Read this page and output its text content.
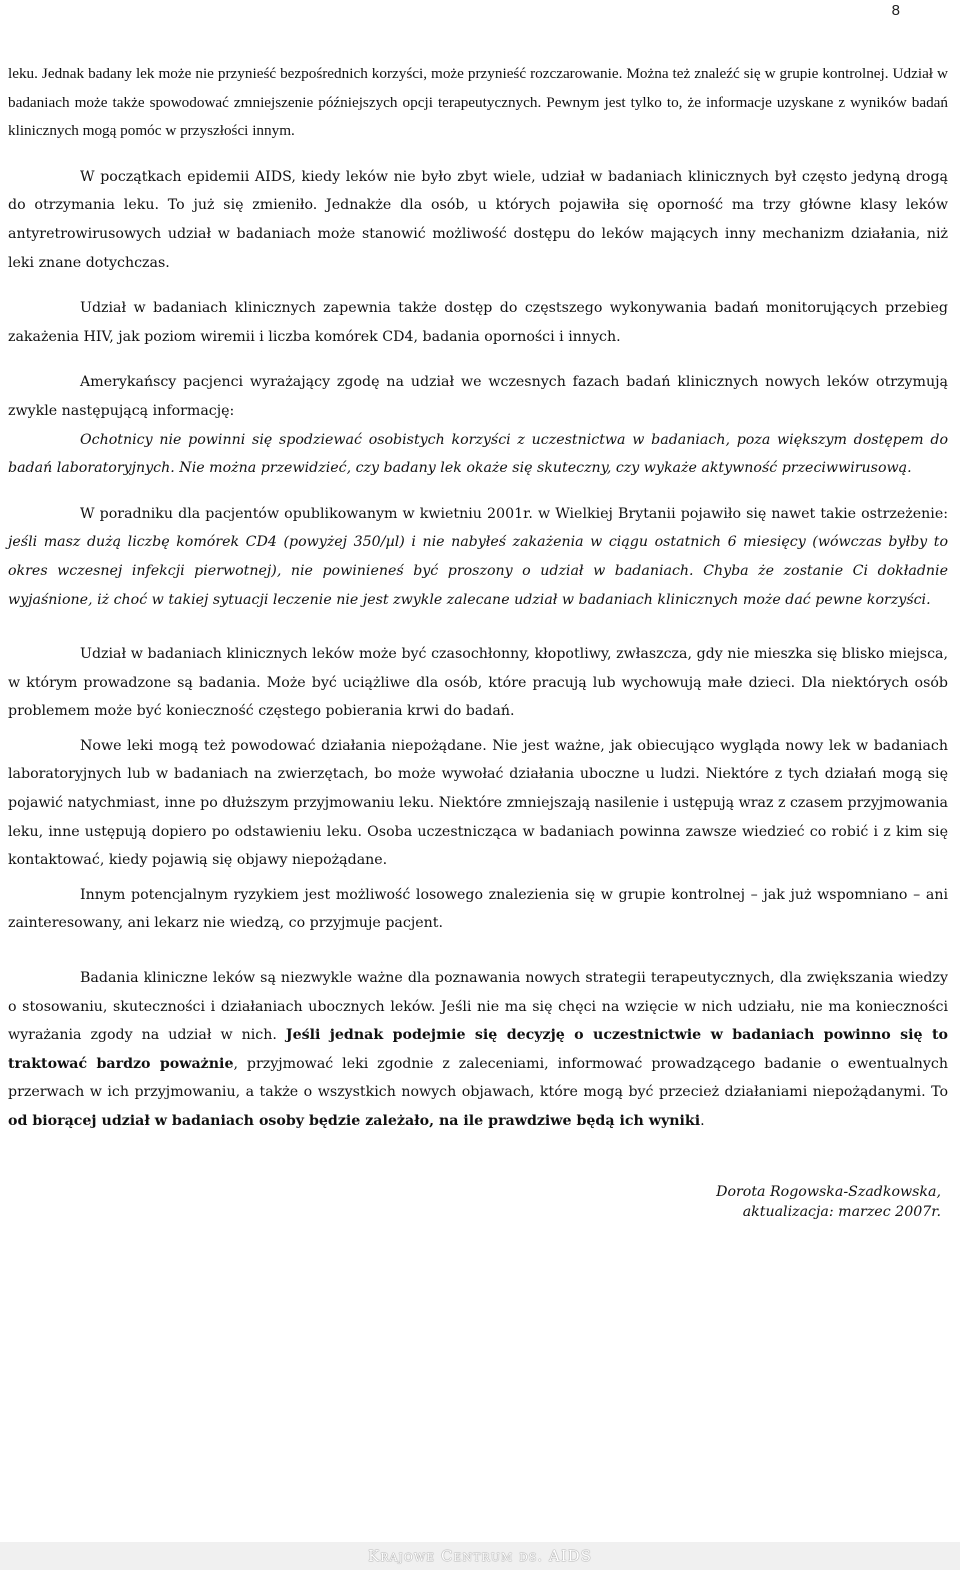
8

leku. Jednak badany lek może nie przynieść bezpośrednich korzyści, może przynieść rozczarowanie. Można też znaleźć się w grupie kontrolnej. Udział w badaniach może także spowodować zmniejszenie późniejszych opcji terapeutycznych. Pewnym jest tylko to, że informacje uzyskane z wyników badań klinicznych mogą pomóc w przyszłości innym.

W początkach epidemii AIDS, kiedy leków nie było zbyt wiele, udział w badaniach klinicznych był często jedyną drogą do otrzymania leku. To już się zmieniło. Jednakże dla osób, u których pojawiła się oporność ma trzy główne klasy leków antyretrowirusowych udział w badaniach może stanowić możliwość dostępu do leków mających inny mechanizm działania, niż leki znane dotychczas.

Udział w badaniach klinicznych zapewnia także dostęp do częstszego wykonywania badań monitorujących przebieg zakażenia HIV, jak poziom wiremii i liczba komórek CD4, badania oporności i innych.

Amerykańscy pacjenci wyrażający zgodę na udział we wczesnych fazach badań klinicznych nowych leków otrzymują zwykle następującą informację:

Ochotnicy nie powinni się spodziewać osobistych korzyści z uczestnictwa w badaniach, poza większym dostępem do badań laboratoryjnych. Nie można przewidzieć, czy badany lek okaże się skuteczny, czy wykaże aktywność przeciwwirusową.

W poradniku dla pacjentów opublikowanym w kwietniu 2001r. w Wielkiej Brytanii pojawiło się nawet takie ostrzeżenie: jeśli masz dużą liczbę komórek CD4 (powyżej 350/µl) i nie nabyłeś zakażenia w ciągu ostatnich 6 miesięcy (wówczas byłby to okres wczesnej infekcji pierwotnej), nie powinieneś być proszony o udział w badaniach. Chyba że zostanie Ci dokładnie wyjaśnione, iż choć w takiej sytuacji leczenie nie jest zwykle zalecane udział w badaniach klinicznych może dać pewne korzyści.

Udział w badaniach klinicznych leków może być czasochłonny, kłopotliwy, zwłaszcza, gdy nie mieszka się blisko miejsca, w którym prowadzone są badania. Może być uciążliwe dla osób, które pracują lub wychowują małe dzieci. Dla niektórych osób problemem może być konieczność częstego pobierania krwi do badań.

Nowe leki mogą też powodować działania niepożądane. Nie jest ważne, jak obiecująco wygląda nowy lek w badaniach laboratoryjnych lub w badaniach na zwierzętach, bo może wywołać działania uboczne u ludzi. Niektóre z tych działań mogą się pojawić natychmiast, inne po dłuższym przyjmowaniu leku. Niektóre zmniejszają nasilenie i ustępują wraz z czasem przyjmowania leku, inne ustępują dopiero po odstawieniu leku. Osoba uczestnicząca w badaniach powinna zawsze wiedzieć co robić i z kim się kontaktować, kiedy pojawią się objawy niepożądane.

Innym potencjalnym ryzykiem jest możliwość losowego znalezienia się w grupie kontrolnej – jak już wspomniano – ani zainteresowany, ani lekarz nie wiedzą, co przyjmuje pacjent.

Badania kliniczne leków są niezwykle ważne dla poznawania nowych strategii terapeutycznych, dla zwiększania wiedzy o stosowaniu, skuteczności i działaniach ubocznych leków. Jeśli nie ma się chęci na wzięcie w nich udziału, nie ma konieczności wyrażania zgody na udział w nich. Jeśli jednak podejmie się decyzję o uczestnictwie w badaniach powinno się to traktować bardzo poważnie, przyjmować leki zgodnie z zaleceniami, informować prowadzącego badanie o ewentualnych przerwach w ich przyjmowaniu, a także o wszystkich nowych objawach, które mogą być przecież działaniami niepożądanymi. To od biorącej udział w badaniach osoby będzie zależało, na ile prawdziwe będą ich wyniki.

Dorota Rogowska-Szadkowska,
aktualizacja: marzec 2007r.
Krajowe Centrum ds. AIDS
